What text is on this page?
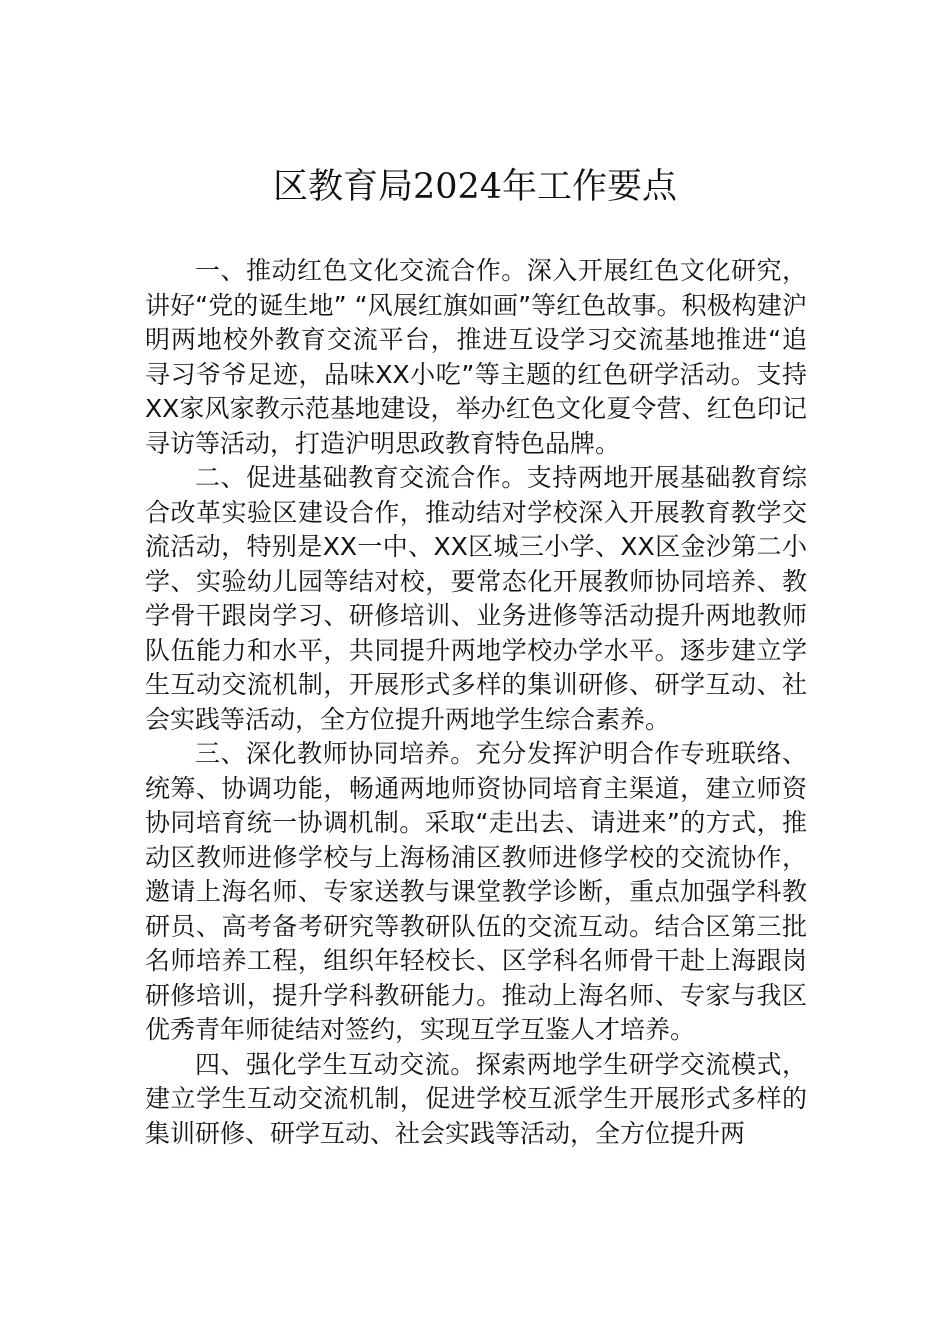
区教育局2024年工作要点

一、推动红色文化交流合作。深入开展红色文化研究，讲好“党的诞生地” “风展红旗如画”等红色故事。积极构建沪明两地校外教育交流平台，推进互设学习交流基地推进“追寻习爷爷足迹，品味XX小吃”等主题的红色研学活动。支持XX家风家教示范基地建设，举办红色文化夏令营、红色印记寻访等活动，打造沪明思政教育特色品牌。

二、促进基础教育交流合作。支持两地开展基础教育综合改革实验区建设合作，推动结对学校深入开展教育教学交流活动，特别是XX一中、XX区城三小学、XX区金沙第二小学、实验幼儿园等结对校，要常态化开展教师协同培养、教学骨干跟岗学习、研修培训、业务进修等活动提升两地教师队伍能力和水平，共同提升两地学校办学水平。逐步建立学生互动交流机制，开展形式多样的集训研修、研学互动、社会实践等活动，全方位提升两地学生综合素养。

三、深化教师协同培养。充分发挥沪明合作专班联络、统筹、协调功能，畅通两地师资协同培育主渠道，建立师资协同培育统一协调机制。采取“走出去、请进来”的方式，推动区教师进修学校与上海杨浦区教师进修学校的交流协作，邀请上海名师、专家送教与课堂教学诊断，重点加强学科教研员、高考备考研究等教研队伍的交流互动。结合区第三批名师培养工程，组织年轻校长、区学科名师骨干赴上海跟岗研修培训，提升学科教研能力。推动上海名师、专家与我区优秀青年师徒结对签约，实现互学互鉴人才培养。

四、强化学生互动交流。探索两地学生研学交流模式，建立学生互动交流机制，促进学校互派学生开展形式多样的集训研修、研学互动、社会实践等活动，全方位提升两
